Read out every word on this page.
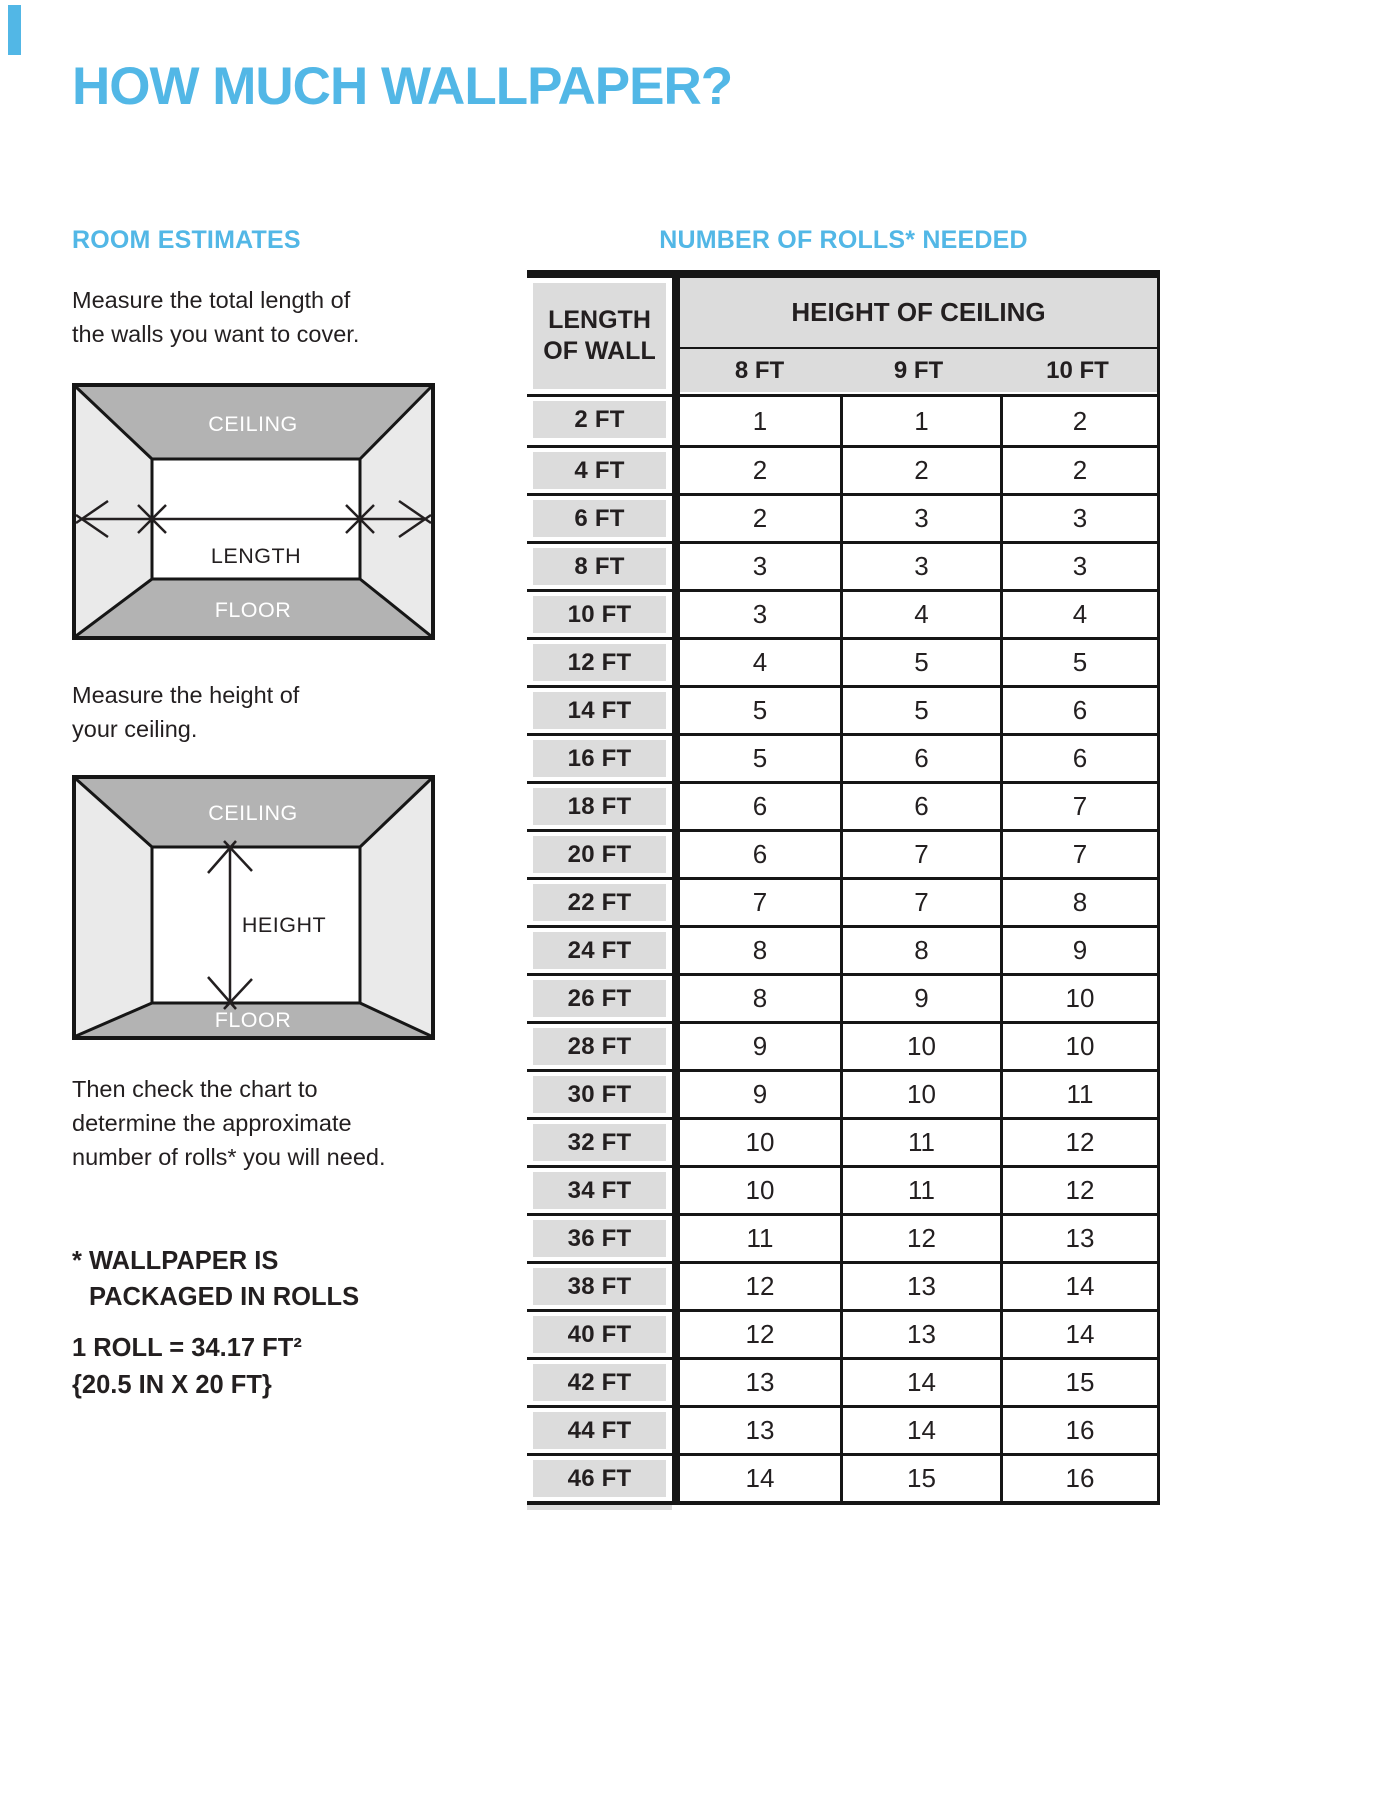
HOW MUCH WALLPAPER?
ROOM ESTIMATES
Measure the total length of
the walls you want to cover.
CEILING
FLOOR
LENGTH
Measure the height of
your ceiling.
CEILING
FLOOR
HEIGHT
Then check the chart to
determine the approximate
number of rolls* you will need.
* WALLPAPER IS
PACKAGED IN ROLLS
1 ROLL = 34.17 FT²
{20.5 IN X 20 FT}
NUMBER OF ROLLS* NEEDED
LENGTH OF WALL
HEIGHT OF CEILING
8 FT	9 FT	10 FT
2 FT	1	1	2
4 FT	2	2	2
6 FT	2	3	3
8 FT	3	3	3
10 FT	3	4	4
12 FT	4	5	5
14 FT	5	5	6
16 FT	5	6	6
18 FT	6	6	7
20 FT	6	7	7
22 FT	7	7	8
24 FT	8	8	9
26 FT	8	9	10
28 FT	9	10	10
30 FT	9	10	11
32 FT	10	11	12
34 FT	10	11	12
36 FT	11	12	13
38 FT	12	13	14
40 FT	12	13	14
42 FT	13	14	15
44 FT	13	14	16
46 FT	14	15	16
